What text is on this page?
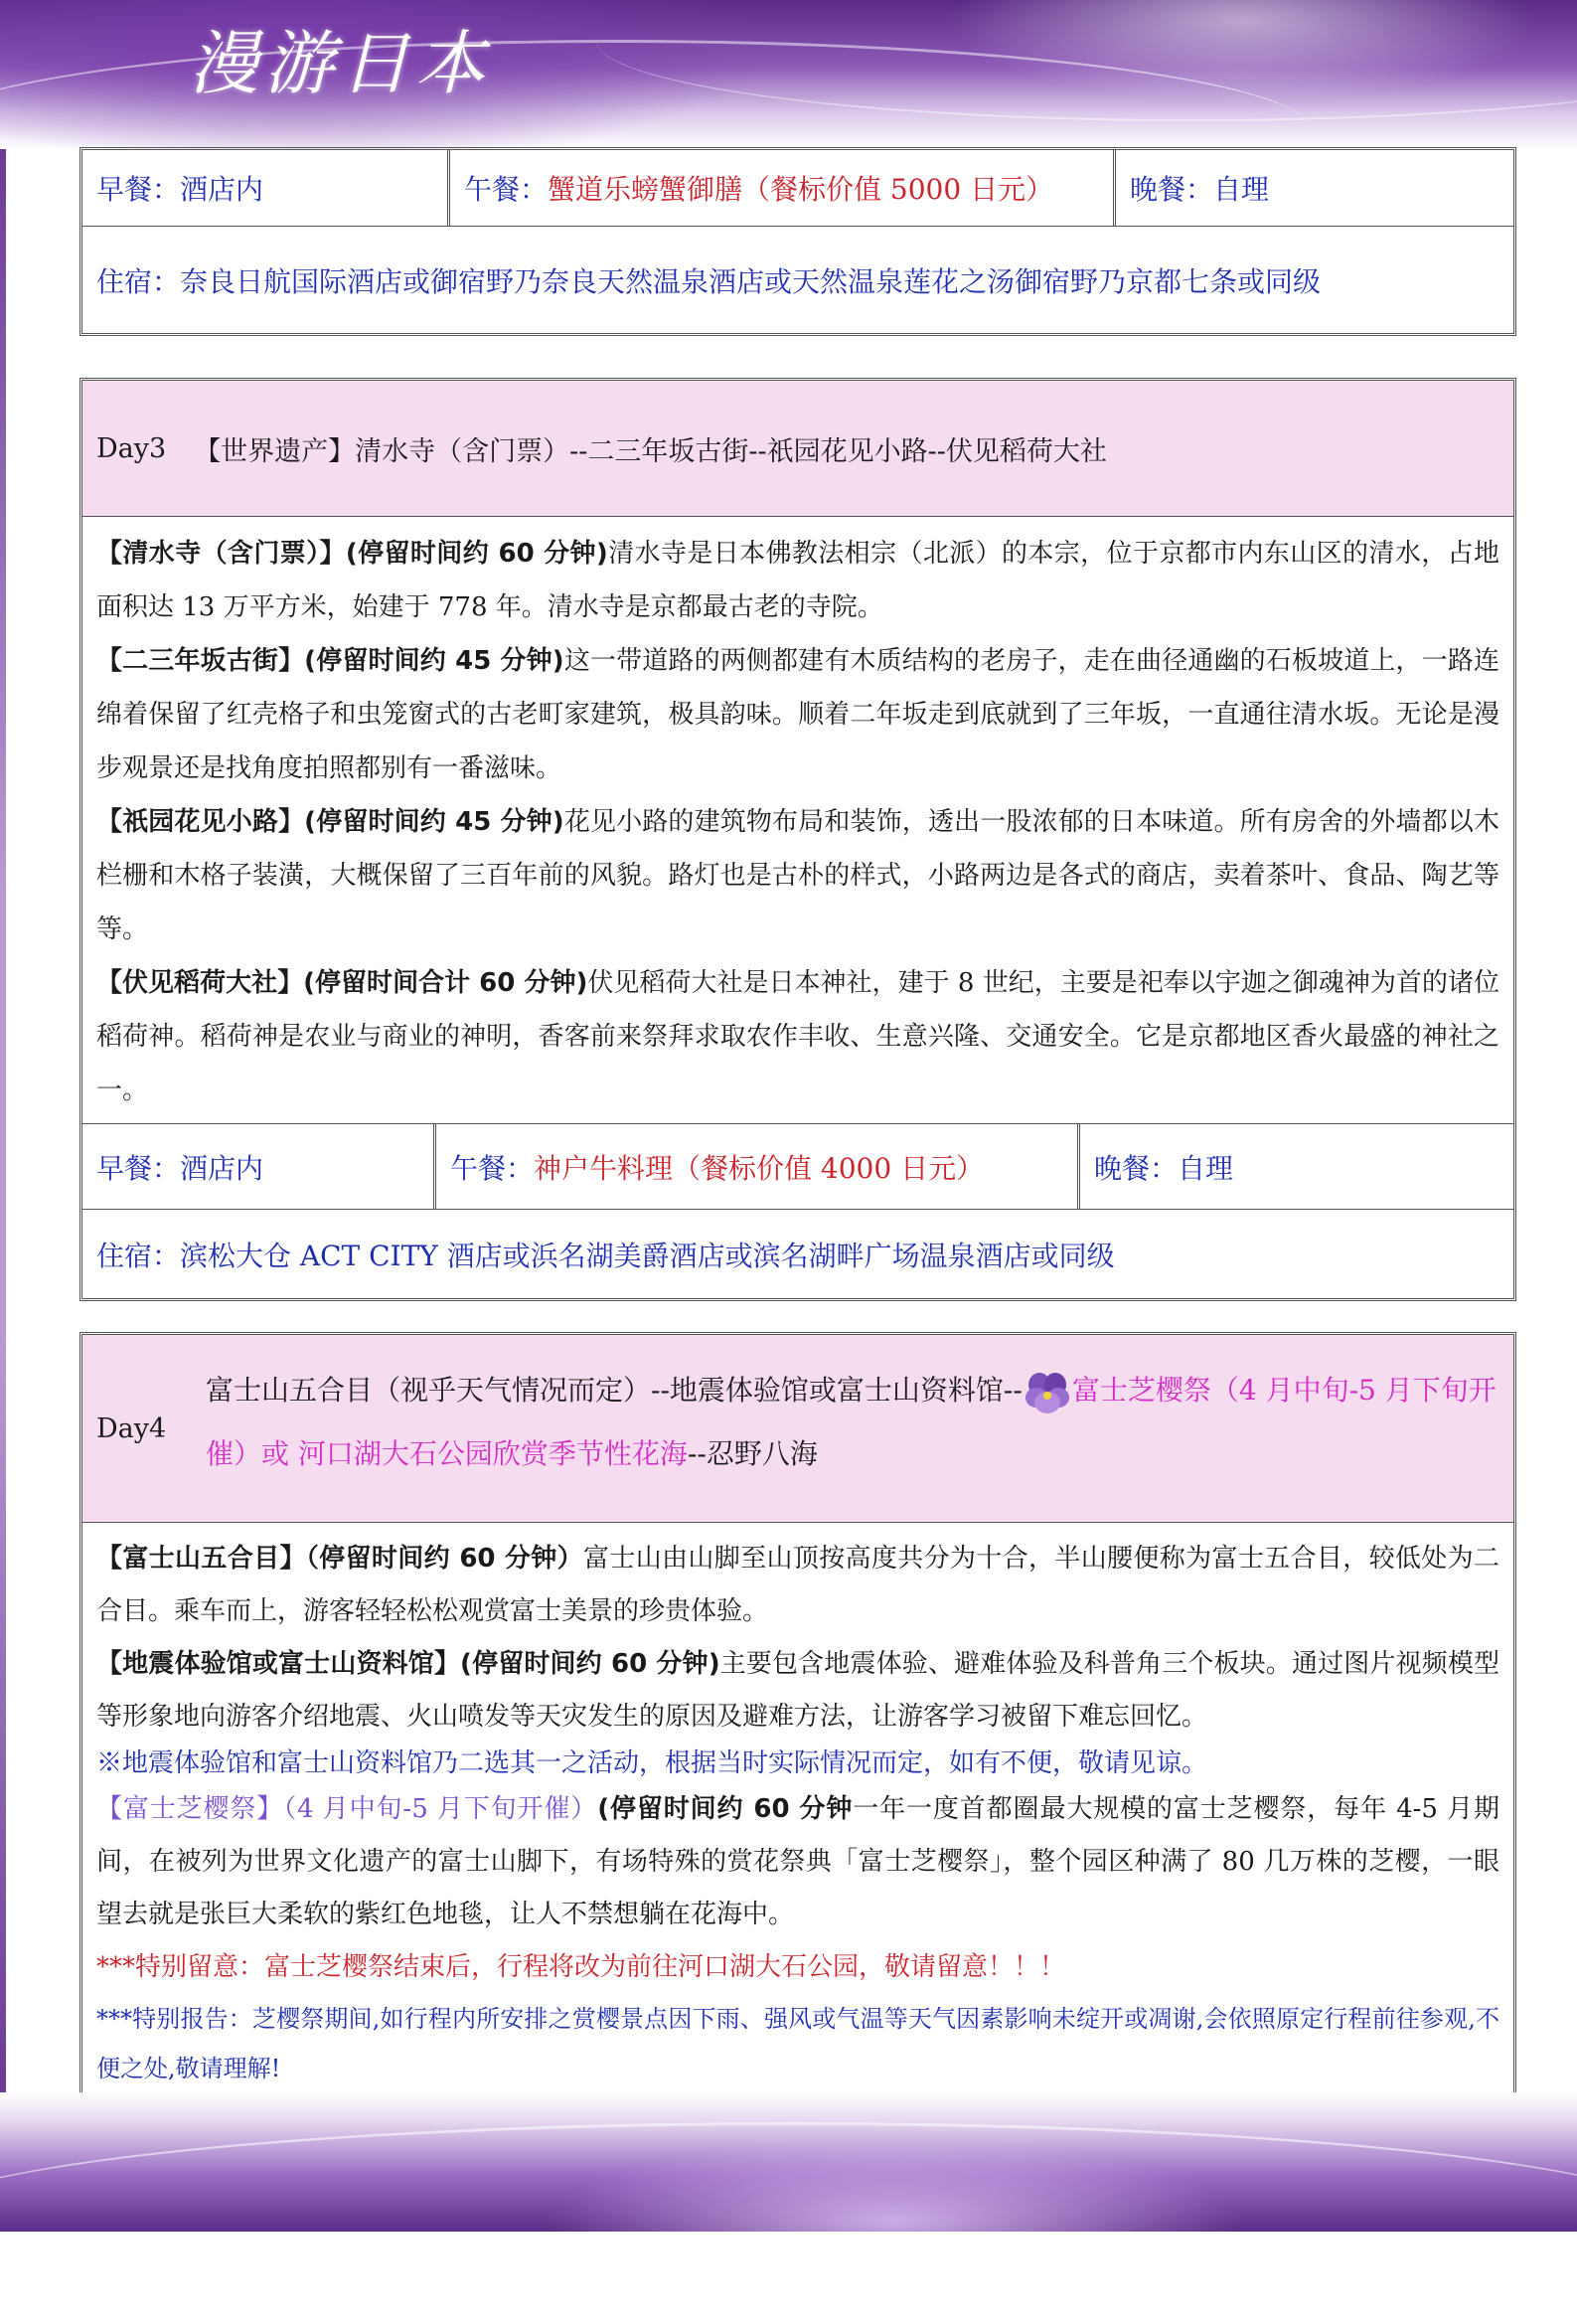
漫游日本
早餐： 酒店内	午餐： 蟹道乐螃蟹御膳（餐标价值 5000 日元）	晚餐： 自理
住宿：奈良日航国际酒店或御宿野乃奈良天然温泉酒店或天然温泉莲花之汤御宿野乃京都七条或同级
Day3 【世界遗产】清水寺（含门票）--二三年坂古街--祇园花见小路--伏见稻荷大社

【清水寺（含门票）】(停留时间约 60 分钟)清水寺是日本佛教法相宗（北派）的本宗，位于京都市内东山区的清水，占地面积达 13 万平方米，始建于 778 年。清水寺是京都最古老的寺院。

【二三年坂古街】(停留时间约 45 分钟)这一带道路的两侧都建有木质结构的老房子，走在曲径通幽的石板坡道上，一路连绵着保留了红壳格子和虫笼窗式的古老町家建筑，极具韵味。顺着二年坂走到底就到了三年坂，一直通往清水坂。无论是漫步观景还是找角度拍照都别有一番滋味。

【祇园花见小路】(停留时间约 45 分钟)花见小路的建筑物布局和装饰，透出一股浓郁的日本味道。所有房舍的外墙都以木栏栅和木格子装潢，大概保留了三百年前的风貌。路灯也是古朴的样式，小路两边是各式的商店，卖着茶叶、食品、陶艺等等。

【伏见稻荷大社】(停留时间合计 60 分钟)伏见稻荷大社是日本神社，建于 8 世纪，主要是祀奉以宇迦之御魂神为首的诸位稻荷神。稻荷神是农业与商业的神明，香客前来祭拜求取农作丰收、生意兴隆、交通安全。它是京都地区香火最盛的神社之一。

早餐： 酒店内	午餐： 神户牛料理（餐标价值 4000 日元）	晚餐： 自理
住宿：滨松大仓 ACT CITY 酒店或浜名湖美爵酒店或滨名湖畔广场温泉酒店或同级
Day4
富士山五合目（视乎天气情况而定）--地震体验馆或富士山资料馆-- 富士芝樱祭（4 月中旬-5 月下旬开催）或 河口湖大石公园欣赏季节性花海--忍野八海

【富士山五合目】（停留时间约 60 分钟）富士山由山脚至山顶按高度共分为十合，半山腰便称为富士五合目，较低处为二合目。乘车而上，游客轻轻松松观赏富士美景的珍贵体验。

【地震体验馆或富士山资料馆】(停留时间约 60 分钟)主要包含地震体验、避难体验及科普角三个板块。通过图片视频模型等形象地向游客介绍地震、火山喷发等天灾发生的原因及避难方法，让游客学习被留下难忘回忆。

※地震体验馆和富士山资料馆乃二选其一之活动，根据当时实际情况而定，如有不便，敬请见谅。

【富士芝樱祭】（4 月中旬-5 月下旬开催）(停留时间约 60 分钟一年一度首都圈最大规模的富士芝樱祭，每年 4-5 月期间，在被列为世界文化遗产的富士山脚下，有场特殊的赏花祭典「富士芝樱祭」，整个园区种满了 80 几万株的芝樱，一眼望去就是张巨大柔软的紫红色地毯，让人不禁想躺在花海中。

***特别留意：富士芝樱祭结束后，行程将改为前往河口湖大石公园，敬请留意！！！

***特别报告：芝樱祭期间,如行程内所安排之赏樱景点因下雨、强风或气温等天气因素影响未绽开或凋谢,会依照原定行程前往参观,不便之处,敬请理解!
